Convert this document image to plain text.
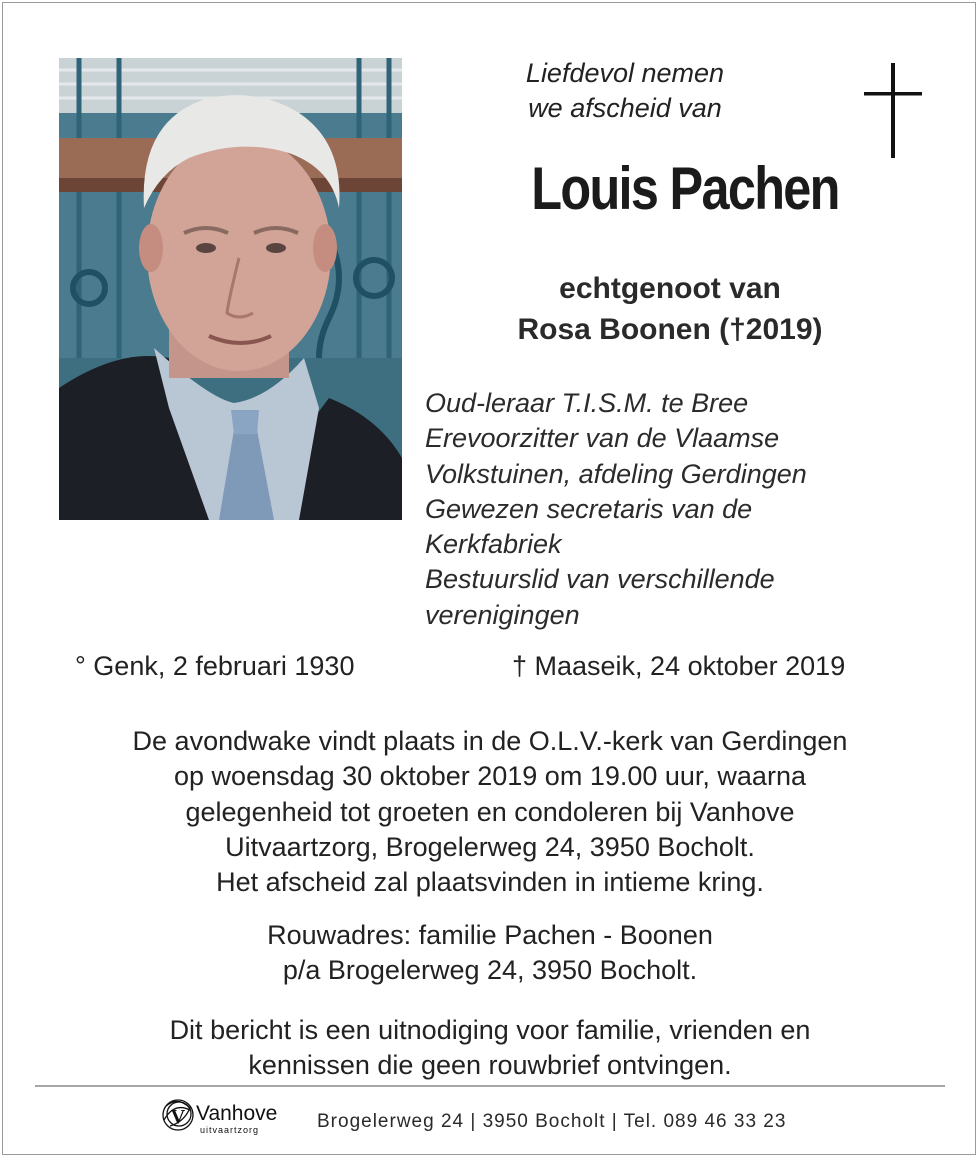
Liefdevol nemen
we afscheid van
Louis Pachen
echtgenoot van
Rosa Boonen (†2019)
Oud-leraar T.I.S.M. te Bree
Erevoorzitter van de Vlaamse
Volkstuinen, afdeling Gerdingen
Gewezen secretaris van de
Kerkfabriek
Bestuurslid van verschillende
verenigingen
° Genk, 2 februari 1930	† Maaseik, 24 oktober 2019
De avondwake vindt plaats in de O.L.V.-kerk van Gerdingen
op woensdag 30 oktober 2019 om 19.00 uur, waarna
gelegenheid tot groeten en condoleren bij Vanhove
Uitvaartzorg, Brogelerweg 24, 3950 Bocholt.
Het afscheid zal plaatsvinden in intieme kring.
Rouwadres: familie Pachen - Boonen
p/a Brogelerweg 24, 3950 Bocholt.
Dit bericht is een uitnodiging voor familie, vrienden en
kennissen die geen rouwbrief ontvingen.
V Vanhove
uitvaartzorg	Brogelerweg 24 | 3950 Bocholt | Tel. 089 46 33 23
